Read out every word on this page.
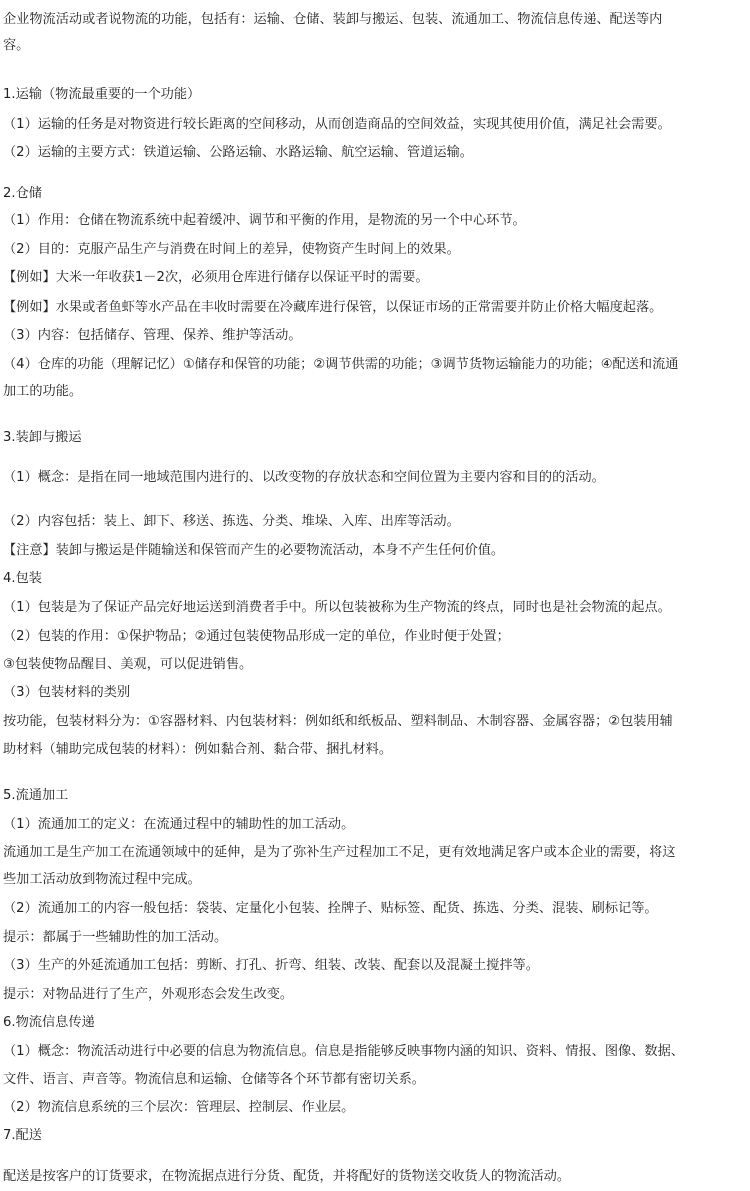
企业物流活动或者说物流的功能，包括有：运输、仓储、装卸与搬运、包装、流通加工、物流信息传递、配送等内
容。
1.运输（物流最重要的一个功能）
（1）运输的任务是对物资进行较长距离的空间移动，从而创造商品的空间效益，实现其使用价值，满足社会需要。
（2）运输的主要方式：铁道运输、公路运输、水路运输、航空运输、管道运输。
2.仓储
（1）作用：仓储在物流系统中起着缓冲、调节和平衡的作用，是物流的另一个中心环节。
（2）目的：克服产品生产与消费在时间上的差异，使物资产生时间上的效果。
【例如】大米一年收获1－2次，必须用仓库进行储存以保证平时的需要。
【例如】水果或者鱼虾等水产品在丰收时需要在冷藏库进行保管，以保证市场的正常需要并防止价格大幅度起落。
（3）内容：包括储存、管理、保养、维护等活动。
（4）仓库的功能（理解记忆）①储存和保管的功能；②调节供需的功能；③调节货物运输能力的功能；④配送和流通
加工的功能。
3.装卸与搬运
（1）概念：是指在同一地域范围内进行的、以改变物的存放状态和空间位置为主要内容和目的的活动。
（2）内容包括：装上、卸下、移送、拣选、分类、堆垛、入库、出库等活动。
【注意】装卸与搬运是伴随输送和保管而产生的必要物流活动，本身不产生任何价值。
4.包装
（1）包装是为了保证产品完好地运送到消费者手中。所以包装被称为生产物流的终点，同时也是社会物流的起点。
（2）包装的作用：①保护物品；②通过包装使物品形成一定的单位，作业时便于处置；
③包装使物品醒目、美观，可以促进销售。
（3）包装材料的类别
按功能，包装材料分为：①容器材料、内包装材料：例如纸和纸板品、塑料制品、木制容器、金属容器；②包装用辅
助材料（辅助完成包装的材料）：例如黏合剂、黏合带、捆扎材料。
5.流通加工
（1）流通加工的定义：在流通过程中的辅助性的加工活动。
流通加工是生产加工在流通领域中的延伸，是为了弥补生产过程加工不足，更有效地满足客户或本企业的需要，将这
些加工活动放到物流过程中完成。
（2）流通加工的内容一般包括：袋装、定量化小包装、拴牌子、贴标签、配货、拣选、分类、混装、刷标记等。
提示：都属于一些辅助性的加工活动。
（3）生产的外延流通加工包括：剪断、打孔、折弯、组装、改装、配套以及混凝土搅拌等。
提示：对物品进行了生产，外观形态会发生改变。
6.物流信息传递
（1）概念：物流活动进行中必要的信息为物流信息。信息是指能够反映事物内涵的知识、资料、情报、图像、数据、
文件、语言、声音等。物流信息和运输、仓储等各个环节都有密切关系。
（2）物流信息系统的三个层次：管理层、控制层、作业层。
7.配送
配送是按客户的订货要求，在物流据点进行分货、配货，并将配好的货物送交收货人的物流活动。
